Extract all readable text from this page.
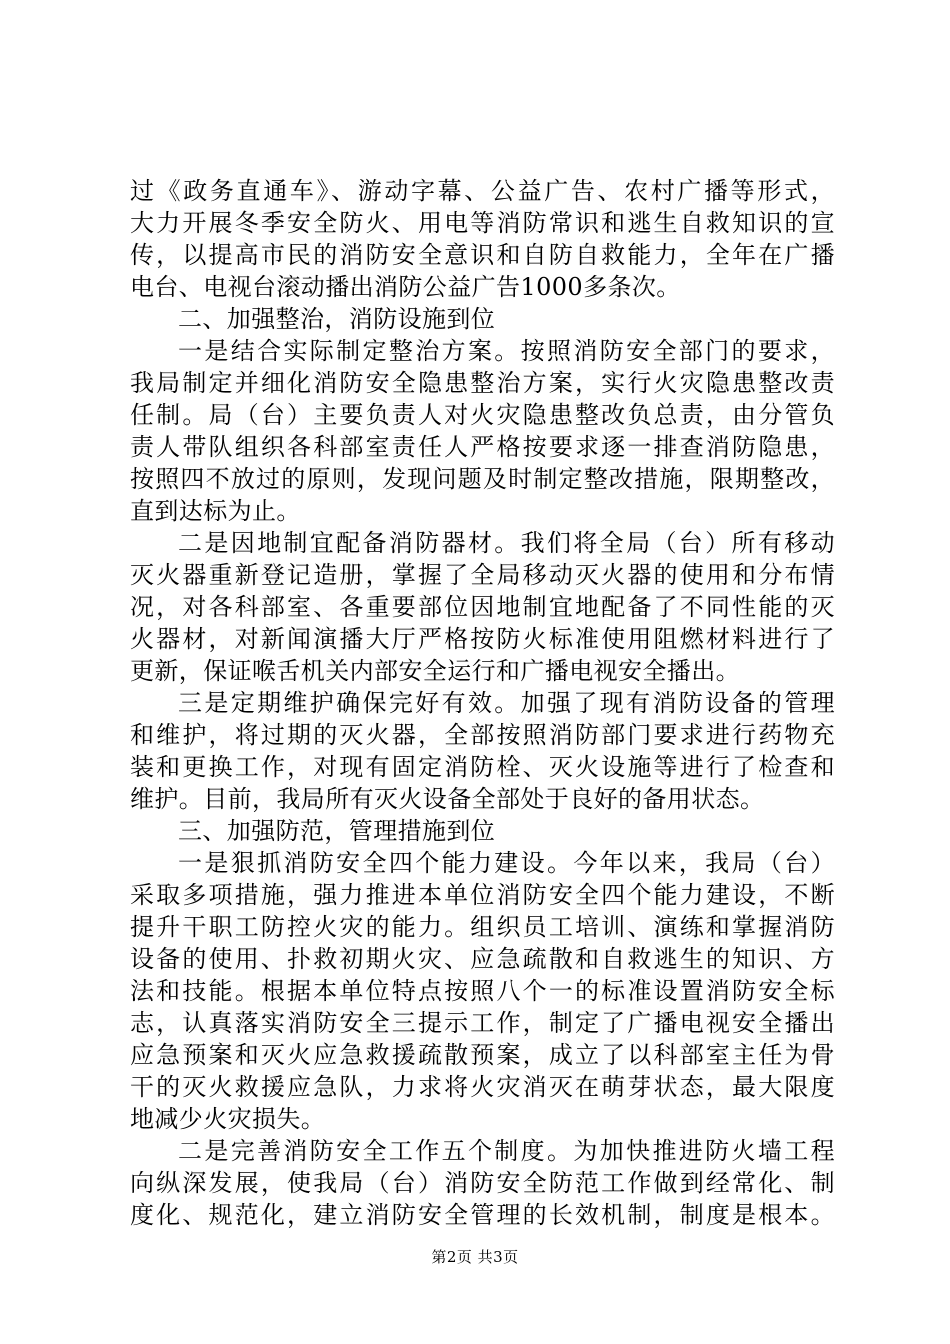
过《政务直通车》、游动字幕、公益广告、农村广播等形式，
大力开展冬季安全防火、用电等消防常识和逃生自救知识的宣
传，以提高市民的消防安全意识和自防自救能力，全年在广播
电台、电视台滚动播出消防公益广告1000多条次。
二、加强整治，消防设施到位
一是结合实际制定整治方案。按照消防安全部门的要求，
我局制定并细化消防安全隐患整治方案，实行火灾隐患整改责
任制。局（台）主要负责人对火灾隐患整改负总责，由分管负
责人带队组织各科部室责任人严格按要求逐一排查消防隐患，
按照四不放过的原则，发现问题及时制定整改措施，限期整改，
直到达标为止。
二是因地制宜配备消防器材。我们将全局（台）所有移动
灭火器重新登记造册，掌握了全局移动灭火器的使用和分布情
况，对各科部室、各重要部位因地制宜地配备了不同性能的灭
火器材，对新闻演播大厅严格按防火标准使用阻燃材料进行了
更新，保证喉舌机关内部安全运行和广播电视安全播出。
三是定期维护确保完好有效。加强了现有消防设备的管理
和维护，将过期的灭火器，全部按照消防部门要求进行药物充
装和更换工作，对现有固定消防栓、灭火设施等进行了检查和
维护。目前，我局所有灭火设备全部处于良好的备用状态。
三、加强防范，管理措施到位
一是狠抓消防安全四个能力建设。今年以来，我局（台）
采取多项措施，强力推进本单位消防安全四个能力建设，不断
提升干职工防控火灾的能力。组织员工培训、演练和掌握消防
设备的使用、扑救初期火灾、应急疏散和自救逃生的知识、方
法和技能。根据本单位特点按照八个一的标准设置消防安全标
志，认真落实消防安全三提示工作，制定了广播电视安全播出
应急预案和灭火应急救援疏散预案，成立了以科部室主任为骨
干的灭火救援应急队，力求将火灾消灭在萌芽状态，最大限度
地减少火灾损失。
二是完善消防安全工作五个制度。为加快推进防火墙工程
向纵深发展，使我局（台）消防安全防范工作做到经常化、制
度化、规范化，建立消防安全管理的长效机制，制度是根本。
第2页 共3页
